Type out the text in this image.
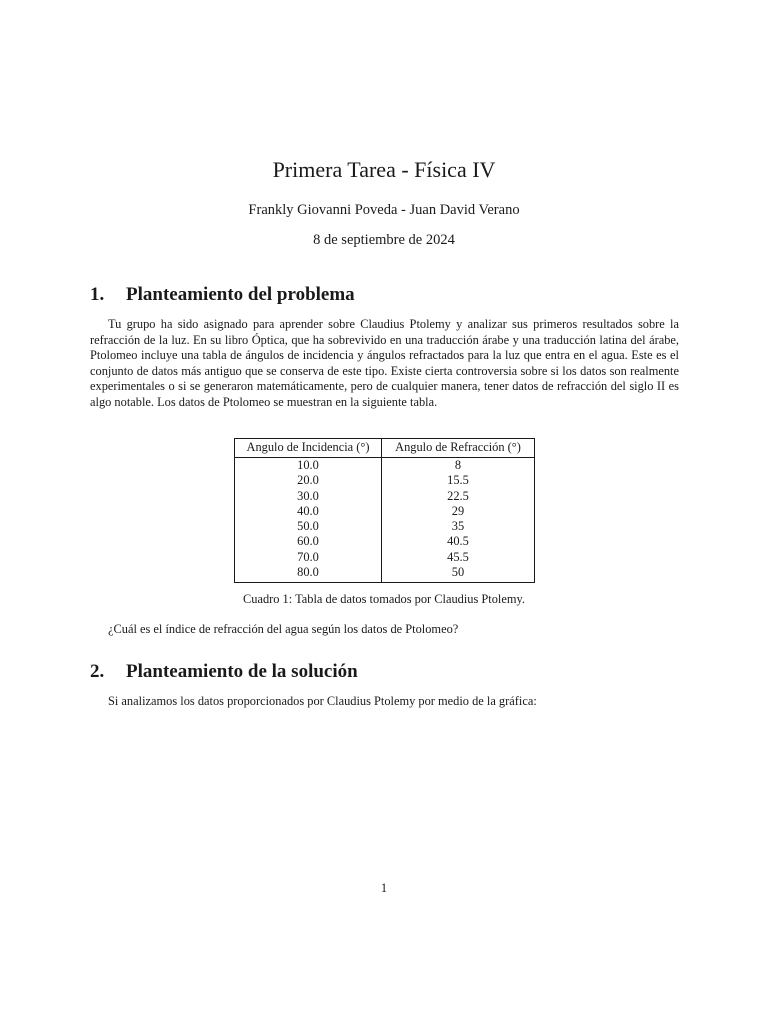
Primera Tarea - Física IV
Frankly Giovanni Poveda - Juan David Verano
8 de septiembre de 2024
1. Planteamiento del problema
Tu grupo ha sido asignado para aprender sobre Claudius Ptolemy y analizar sus primeros resultados sobre la refracción de la luz. En su libro Óptica, que ha sobrevivido en una traducción árabe y una traducción latina del árabe, Ptolomeo incluye una tabla de ángulos de incidencia y ángulos refractados para la luz que entra en el agua. Este es el conjunto de datos más antiguo que se conserva de este tipo. Existe cierta controversia sobre si los datos son realmente experimentales o si se generaron matemáticamente, pero de cualquier manera, tener datos de refracción del siglo II es algo notable. Los datos de Ptolomeo se muestran en la siguiente tabla.
Angulo de Incidencia (°)	Angulo de Refracción (°)
10.0	8
20.0	15.5
30.0	22.5
40.0	29
50.0	35
60.0	40.5
70.0	45.5
80.0	50
Cuadro 1: Tabla de datos tomados por Claudius Ptolemy.
¿Cuál es el índice de refracción del agua según los datos de Ptolomeo?
2. Planteamiento de la solución
Si analizamos los datos proporcionados por Claudius Ptolemy por medio de la gráfica:
1
